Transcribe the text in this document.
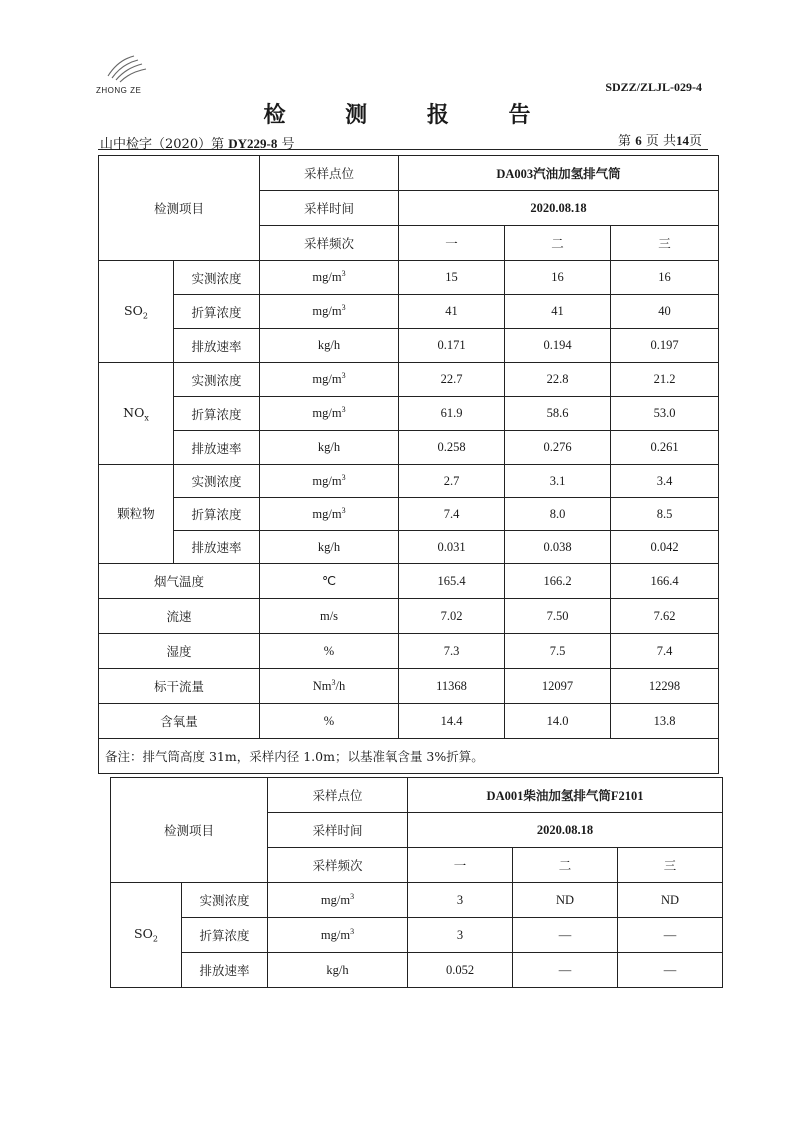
ZHONG ZE	SDZZ/ZLJL-029-4
检 测 报 告
山中检字（2020）第 DY229-8 号	第 6 页 共14页
检测项目		采样点位	DA003汽油加氢排气筒		
		采样时间	2020.08.18		
		采样频次	一	二	三
$SO_2$	实测浓度	$mg/m^3$	15	16	16
	折算浓度	$mg/m^3$	41	41	40
	排放速率	kg/h	0.171	0.194	0.197
$NO_x$	实测浓度	$mg/m^3$	22.7	22.8	21.2
	折算浓度	$mg/m^3$	61.9	58.6	53.0
	排放速率	kg/h	0.258	0.276	0.261
颗粒物	实测浓度	$mg/m^3$	2.7	3.1	3.4
	折算浓度	$mg/m^3$	7.4	8.0	8.5
	排放速率	kg/h	0.031	0.038	0.042
烟气温度		℃	165.4	166.2	166.4
流速		m/s	7.02	7.50	7.62
湿度		%	7.3	7.5	7.4
标干流量		Nm$^3$/h	11368	12097	12298
含氧量		%	14.4	14.0	13.8
备注：排气筒高度 31m，采样内径 1.0m；以基准氧含量 3%折算。					
检测项目		采样点位	DA001柴油加氢排气筒F2101		
		采样时间	2020.08.18		
		采样频次	一	二	三
$SO_2$	实测浓度	$mg/m^3$	3	ND	ND
	折算浓度	$mg/m^3$	3	—	—
	排放速率	kg/h	0.052	—	—
